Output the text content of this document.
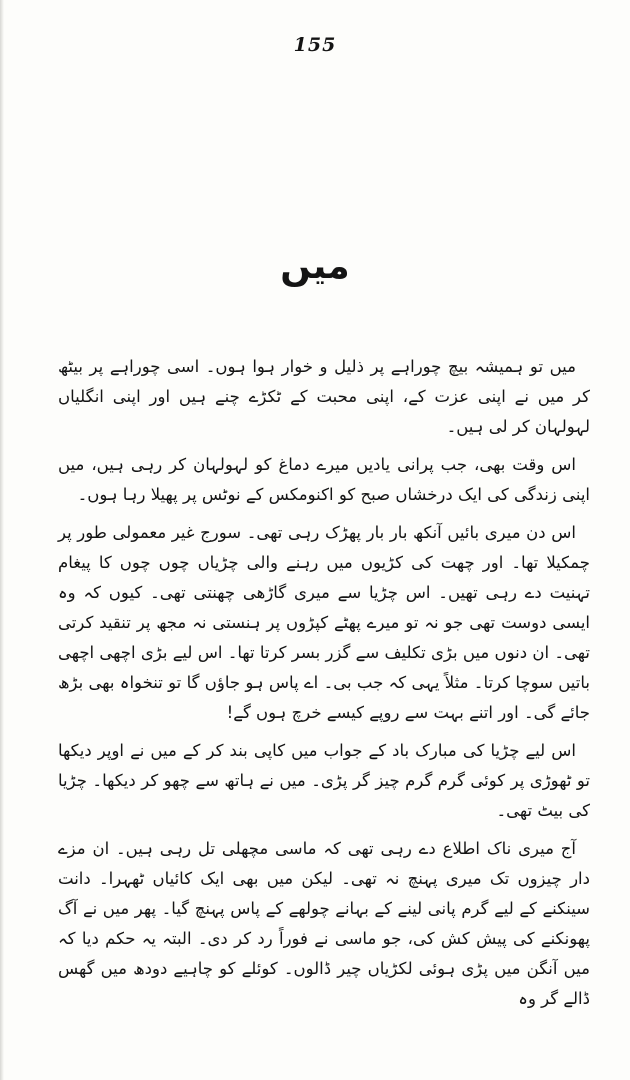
155
میں

میں تو ہمیشہ بیچ چوراہے پر ذلیل و خوار ہوا ہوں۔ اسی چوراہے پر بیٹھ کر میں نے اپنی عزت کے، اپنی محبت کے ٹکڑے چنے ہیں اور اپنی انگلیاں لہولہان کر لی ہیں۔

اس وقت بھی، جب پرانی یادیں میرے دماغ کو لہولہان کر رہی ہیں، میں اپنی زندگی کی ایک درخشاں صبح کو اکنومکس کے نوٹس پر پھیلا رہا ہوں۔

اس دن میری بائیں آنکھ بار بار پھڑک رہی تھی۔ سورج غیر معمولی طور پر چمکیلا تھا۔ اور چھت کی کڑیوں میں رہنے والی چڑیاں چوں چوں کا پیغام تہنیت دے رہی تھیں۔ اس چڑیا سے میری گاڑھی چھنتی تھی۔ کیوں کہ وہ ایسی دوست تھی جو نہ تو میرے پھٹے کپڑوں پر ہنستی نہ مجھ پر تنقید کرتی تھی۔ ان دنوں میں بڑی تکلیف سے گزر بسر کرتا تھا۔ اس لیے بڑی اچھی اچھی باتیں سوچا کرتا۔ مثلاً یہی کہ جب بی۔ اے پاس ہو جاؤں گا تو تنخواہ بھی بڑھ جائے گی۔ اور اتنے بہت سے روپے کیسے خرچ ہوں گے!

اس لیے چڑیا کی مبارک باد کے جواب میں کاپی بند کر کے میں نے اوپر دیکھا تو ٹھوڑی پر کوئی گرم گرم چیز گر پڑی۔ میں نے ہاتھ سے چھو کر دیکھا۔ چڑیا کی بیٹ تھی۔

آج میری ناک اطلاع دے رہی تھی کہ ماسی مچھلی تل رہی ہیں۔ ان مزے دار چیزوں تک میری پہنچ نہ تھی۔ لیکن میں بھی ایک کائیاں ٹھہرا۔ دانت سینکنے کے لیے گرم پانی لینے کے بہانے چولھے کے پاس پہنچ گیا۔ پھر میں نے آگ پھونکنے کی پیش کش کی، جو ماسی نے فوراً رد کر دی۔ البتہ یہ حکم دیا کہ میں آنگن میں پڑی ہوئی لکڑیاں چیر ڈالوں۔ کوئلے کو چاہیے دودھ میں گھس ڈالے گر وہ
